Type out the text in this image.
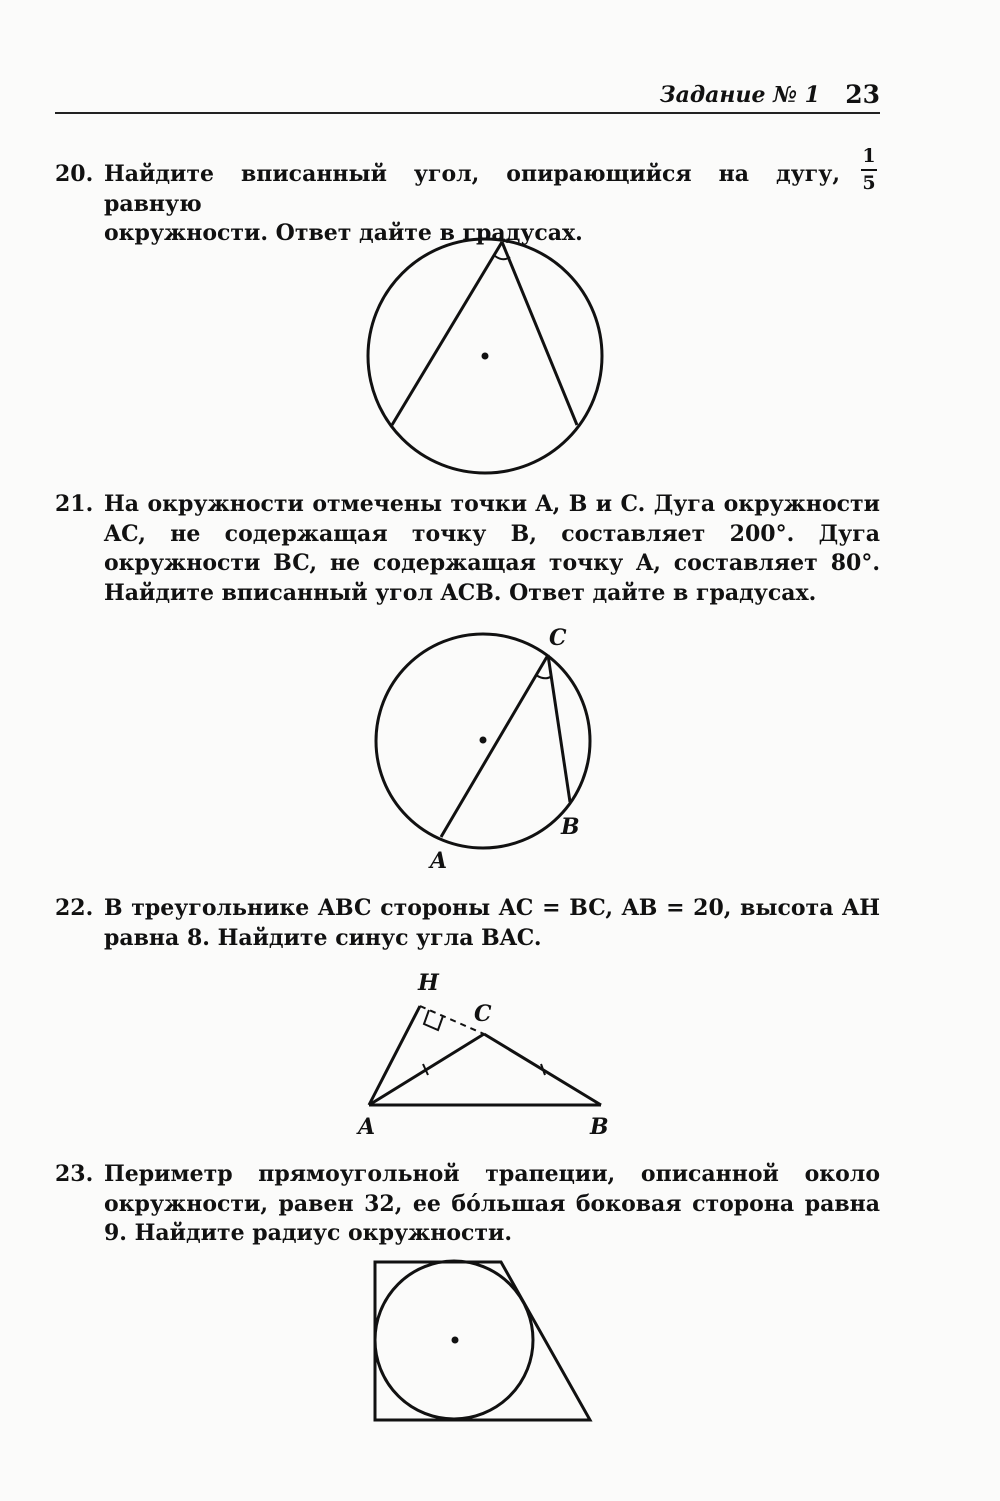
Задание № 1 23
20. Найдите вписанный угол, опирающийся на дугу, равную
окружности. Ответ дайте в градусах.
1
5
21. На окружности отмечены точки A, B и C. Дуга окружности AC, не содержащая точку B, составляет 200°. Дуга окружности BC, не содержащая точку A, составляет 80°. Найдите вписанный угол ACB. Ответ дайте в градусах.
22. В треугольнике ABC стороны AC = BC, AB = 20, высота AH равна 8. Найдите синус угла BAC.
23. Периметр прямоугольной трапеции, описанной около окружности, равен 32, ее бóльшая боковая сторона равна 9. Найдите радиус окружности.
C
B
A
H
C
A	B
